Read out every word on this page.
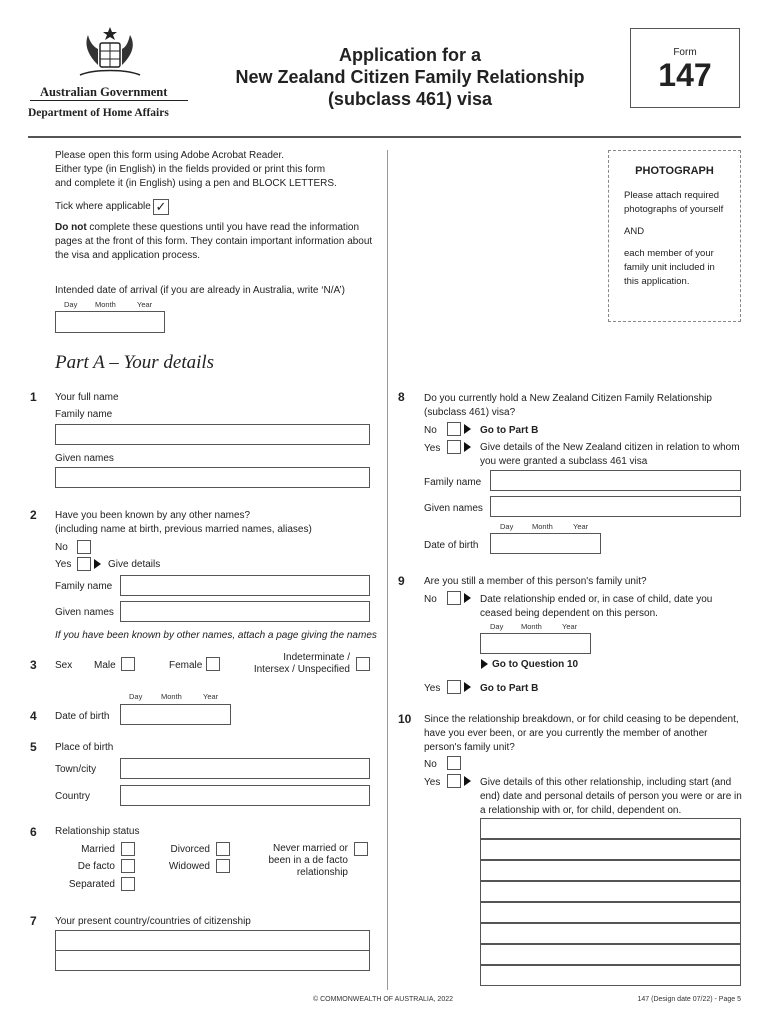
Australian Government
Department of Home Affairs
Application for a
New Zealand Citizen Family Relationship
(subclass 461) visa
Form
147
Please open this form using Adobe Acrobat Reader.
Either type (in English) in the fields provided or print this form
and complete it (in English) using a pen and BLOCK LETTERS.
Tick where applicable ✓
Do not complete these questions until you have read the information
pages at the front of this form. They contain important information about
the visa and application process.
Intended date of arrival (if you are already in Australia, write ‘N/A’)
Day Month	Year
PHOTOGRAPH
Please attach required
photographs of yourself
AND
each member of your
family unit included in
this application.
Part A – Your details
1 Your full name
Family name
Given names
2 Have you been known by any other names?
(including name at birth, previous married names, aliases)
No
Yes	Give details
Family name
Given names
If you have been known by other names, attach a page giving the names
3 Sex Male	Female
Indeterminate /
Intersex / Unspecified
Day Month	Year
4 Date of birth
5 Place of birth
Town/city
Country
6 Relationship status
Married
De facto
Separated
Divorced
Widowed
Never married or
been in a de facto
relationship
7 Your present country/countries of citizenship
8 Do you currently hold a New Zealand Citizen Family Relationship
(subclass 461) visa?
No	Go to Part B
Yes	Give details of the New Zealand citizen in relation to whom
you were granted a subclass 461 visa
Family name
Given names
Day Month	Year
Date of birth
9 Are you still a member of this person's family unit?
No	Date relationship ended or, in case of child, date you
ceased being dependent on this person.
Day Month	Year
Go to Question 10
Yes	Go to Part B
10 Since the relationship breakdown, or for child ceasing to be dependent,
have you ever been, or are you currently the member of another
person's family unit?
No
Yes	Give details of this other relationship, including start (and
end) date and personal details of person you were or are in
a relationship with or, for child, dependent on.
© COMMONWEALTH OF AUSTRALIA, 2022	147 (Design date 07/22) - Page 5
